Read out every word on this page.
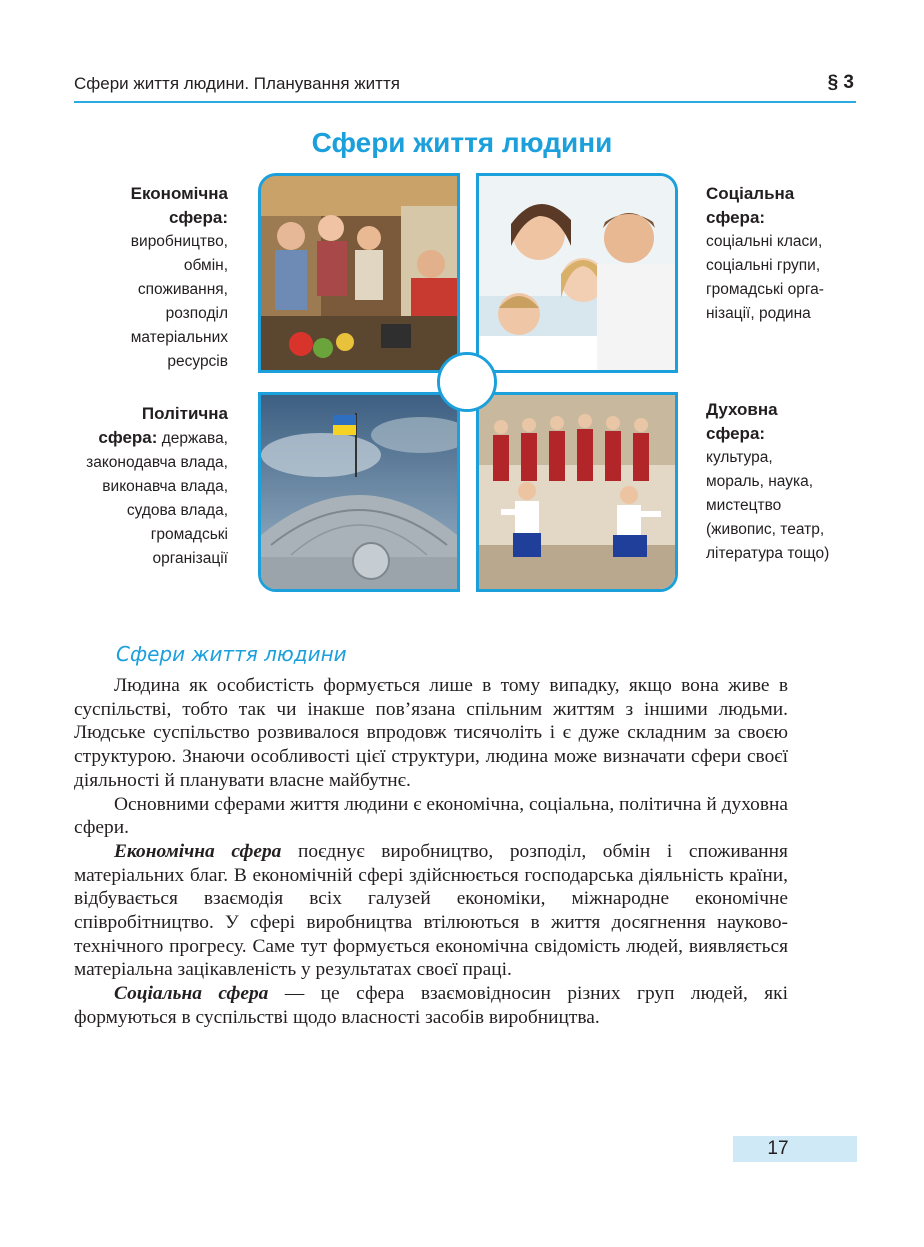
Сфери життя людини. Планування життя	§ 3
Сфери життя людини
Економічна
сфера:
виробництво,
обмін,
споживання,
розподіл
матеріальних
ресурсів
Соціальна
сфера:
соціальні класи,
соціальні групи,
громадські орга-
нізації, родина
Політична
сфера: держава,
законодавча влада,
виконавча влада,
судова влада,
громадські
організації
Духовна
сфера:
культура,
мораль, наука,
мистецтво
(живопис, театр,
література тощо)
Сфери життя людини

Людина як особистість формується лише в тому випадку, якщо вона живе в суспільстві, тобто так чи інакше пов’язана спільним життям з іншими людьми. Людське суспільство розвивалося впродовж тисячоліть і є дуже складним за своєю структурою. Знаючи особливості цієї структури, людина може визначати сфери своєї діяльності й планувати власне майбутнє.

Основними сферами життя людини є економічна, соціальна, політична й духовна сфери.

Економічна сфера поєднує виробництво, розподіл, обмін і споживання матеріальних благ. В економічній сфері здійснюється господарська діяльність країни, відбувається взаємодія всіх галузей економіки, міжнародне економічне співробітництво. У сфері виробництва втілюються в життя досягнення науково-технічного прогресу. Саме тут формується економічна свідомість людей, виявляється матеріальна зацікавленість у результатах своєї праці.

Соціальна сфера — це сфера взаємовідносин різних груп людей, які формуються в суспільстві щодо власності засобів виробництва.

17
